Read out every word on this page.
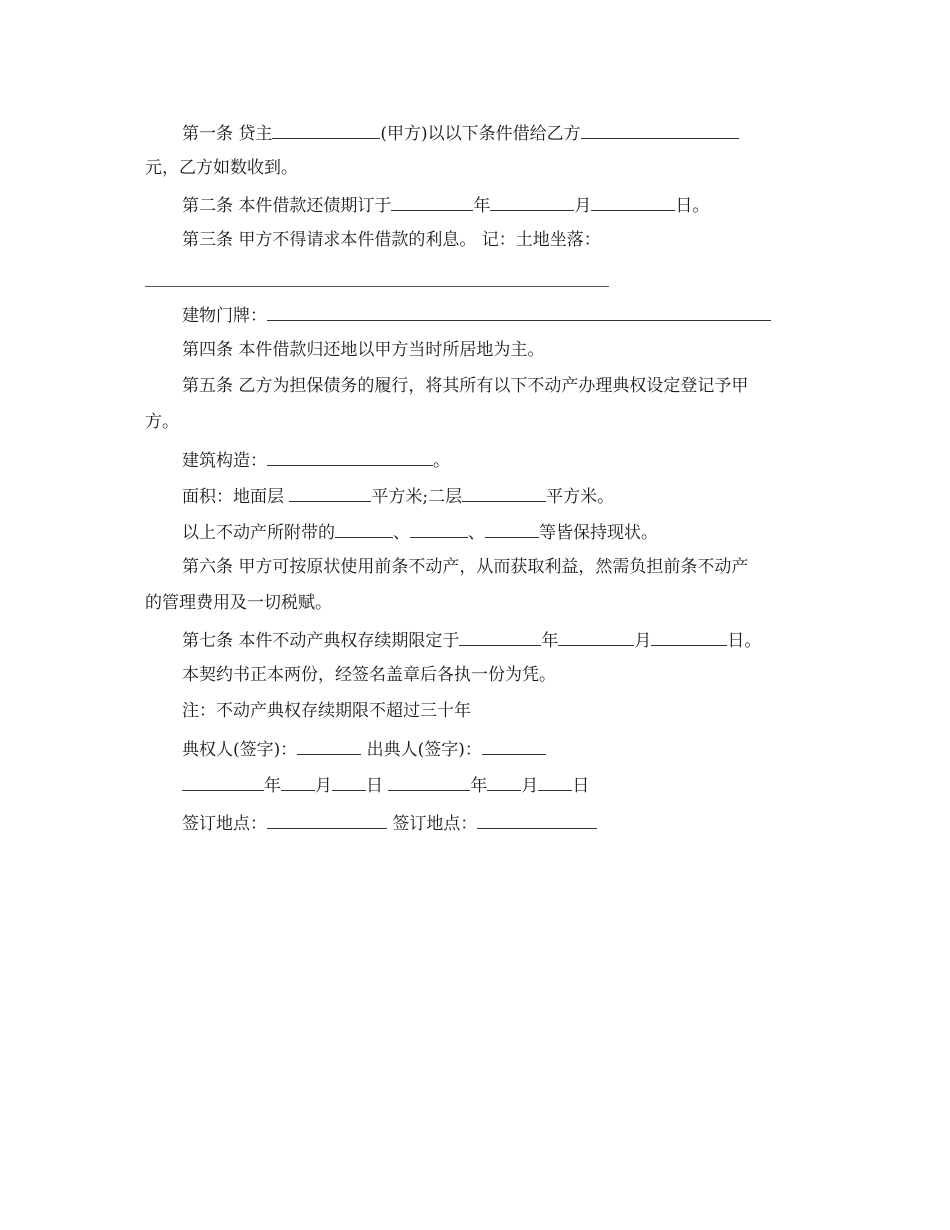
第一条 贷主	(甲方)以以下条件借给乙方
元，乙方如数收到。
第二条 本件借款还债期订于	年	月	日。
第三条 甲方不得请求本件借款的利息。 记：土地坐落：
建物门牌：
第四条 本件借款归还地以甲方当时所居地为主。
第五条 乙方为担保债务的履行，将其所有以下不动产办理典权设定登记予甲
方。
建筑构造：	。
面积：地面层	平方米;二层	平方米。
以上不动产所附带的	、	、	等皆保持现状。
第六条 甲方可按原状使用前条不动产，从而获取利益，然需负担前条不动产
的管理费用及一切税赋。
第七条 本件不动产典权存续期限定于	年	月	日。
本契约书正本两份，经签名盖章后各执一份为凭。
注：不动产典权存续期限不超过三十年
典权人(签字)：	出典人(签字)：
年 月 日	年 月 日
签订地点：	签订地点：
